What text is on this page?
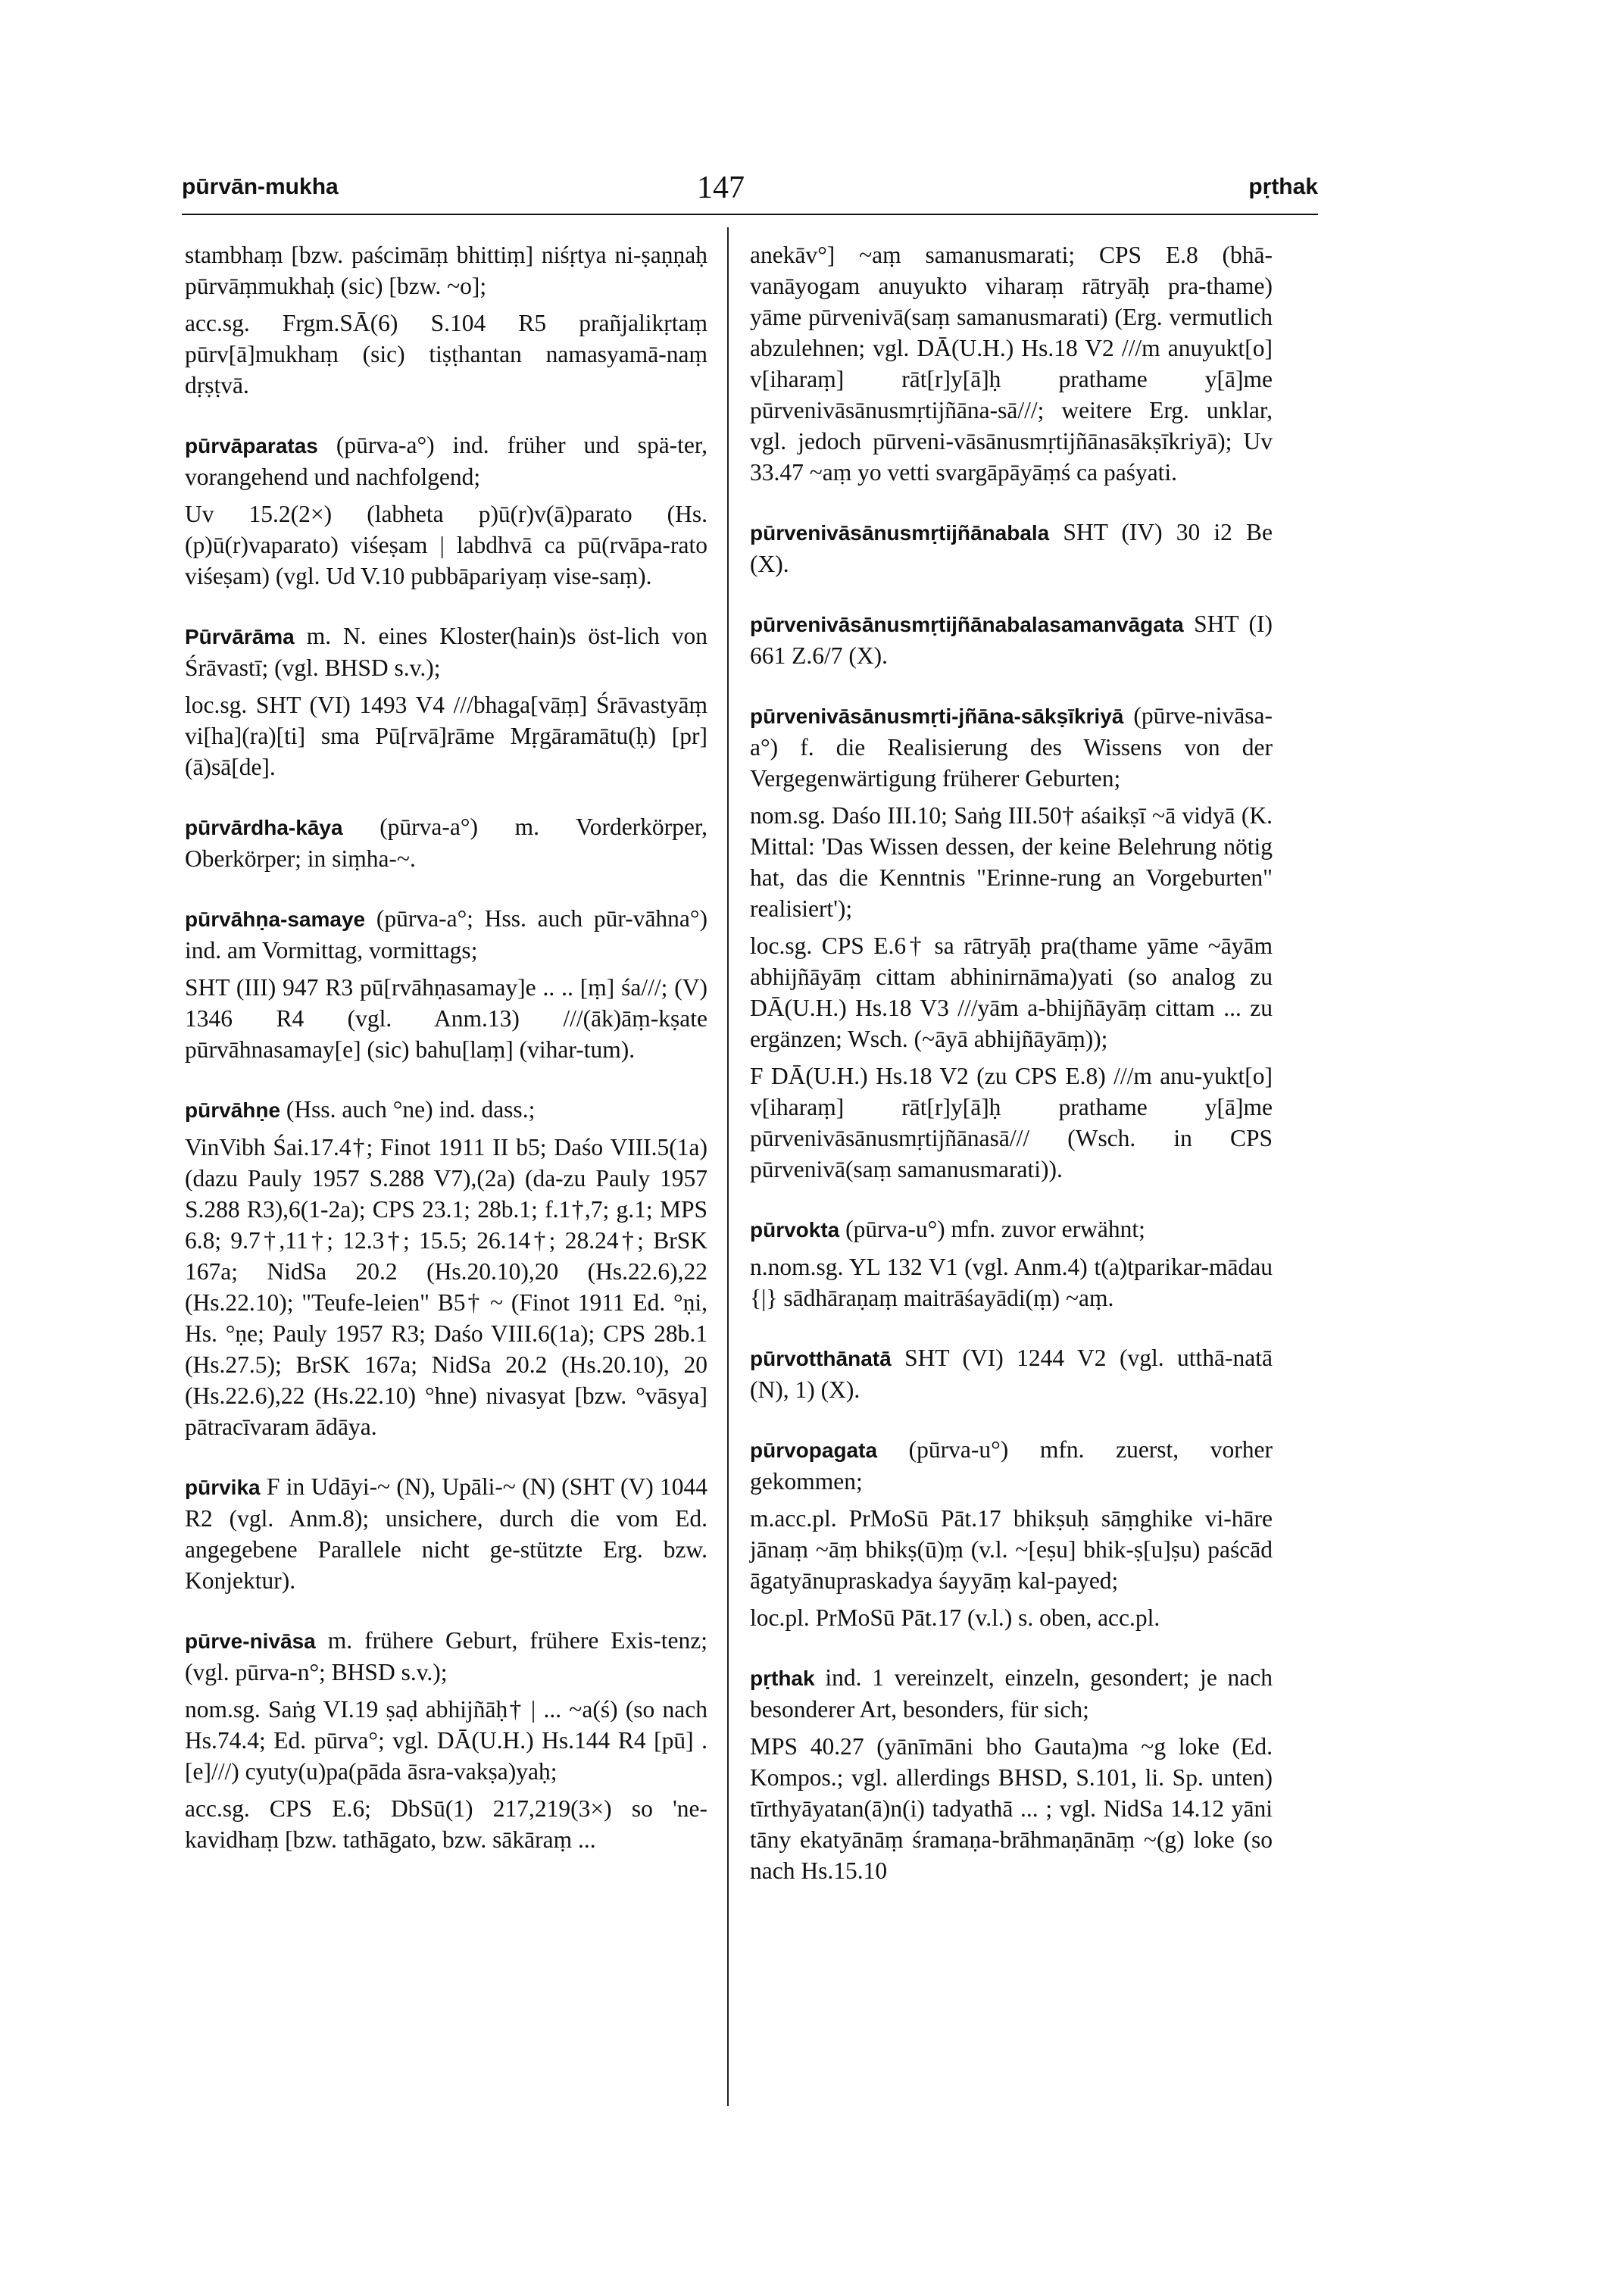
pūrvān-mukha	147	pṛthak

stambhaṃ [bzw. paścimāṃ bhittiṃ] niśṛtya ni-ṣaṇṇaḥ pūrvāṃmukhaḥ (sic) [bzw. ~o];

acc.sg. Frgm.SĀ(6) S.104 R5 prañjalikṛtaṃ pūrv[ā]mukhaṃ (sic) tiṣṭhantan namasyamā-naṃ dṛṣṭvā.

pūrvāparatas (pūrva-a°) ind. früher und spä-ter, vorangehend und nachfolgend;

Uv 15.2(2×) (labheta p)ū(r)v(ā)parato (Hs. (p)ū(r)vaparato) viśeṣam | labdhvā ca pū(rvāpa-rato viśeṣam) (vgl. Ud V.10 pubbāpariyaṃ vise-saṃ).

Pūrvārāma m. N. eines Kloster(hain)s öst-lich von Śrāvastī; (vgl. BHSD s.v.);

loc.sg. SHT (VI) 1493 V4 ///bhaga[vāṃ] Śrāvastyāṃ vi[ha](ra)[ti] sma Pū[rvā]rāme Mṛgāramātu(ḥ) [pr](ā)sā[de].

pūrvārdha-kāya (pūrva-a°) m. Vorderkörper, Oberkörper; in siṃha-~.

pūrvāhṇa-samaye (pūrva-a°; Hss. auch pūr-vāhna°) ind. am Vormittag, vormittags;

SHT (III) 947 R3 pū[rvāhṇasamay]e .. .. [ṃ] śa///; (V) 1346 R4 (vgl. Anm.13) ///(āk)āṃ-kṣate pūrvāhnasamay[e] (sic) bahu[laṃ] (vihar-tum).

pūrvāhṇe (Hss. auch °ne) ind. dass.;

VinVibh Śai.17.4†; Finot 1911 II b5; Daśo VIII.5(1a) (dazu Pauly 1957 S.288 V7),(2a) (da-zu Pauly 1957 S.288 R3),6(1-2a); CPS 23.1; 28b.1; f.1†,7; g.1; MPS 6.8; 9.7†,11†; 12.3†; 15.5; 26.14†; 28.24†; BrSK 167a; NidSa 20.2 (Hs.20.10),20 (Hs.22.6),22 (Hs.22.10); "Teufe-leien" B5† ~ (Finot 1911 Ed. °ṇi, Hs. °ṇe; Pauly 1957 R3; Daśo VIII.6(1a); CPS 28b.1 (Hs.27.5); BrSK 167a; NidSa 20.2 (Hs.20.10), 20 (Hs.22.6),22 (Hs.22.10) °hne) nivasyat [bzw. °vāsya] pātracīvaram ādāya.

pūrvika F in Udāyi-~ (N), Upāli-~ (N) (SHT (V) 1044 R2 (vgl. Anm.8); unsichere, durch die vom Ed. angegebene Parallele nicht ge-stützte Erg. bzw. Konjektur).

pūrve-nivāsa m. frühere Geburt, frühere Exis-tenz; (vgl. pūrva-n°; BHSD s.v.);

nom.sg. Saṅg VI.19 ṣaḍ abhijñāḥ† | ... ~a(ś) (so nach Hs.74.4; Ed. pūrva°; vgl. DĀ(U.H.) Hs.144 R4 [pū] .[e]///) cyuty(u)pa(pāda āsra-vakṣa)yaḥ;

acc.sg. CPS E.6; DbSū(1) 217,219(3×) so 'ne-kavidhaṃ [bzw. tathāgato, bzw. sākāraṃ ...

anekāv°] ~aṃ samanusmarati; CPS E.8 (bhā-vanāyogam anuyukto viharaṃ rātryāḥ pra-thame) yāme pūrvenivā(saṃ samanusmarati) (Erg. vermutlich abzulehnen; vgl. DĀ(U.H.) Hs.18 V2 ///m anuyukt[o] v[iharaṃ] rāt[r]y[ā]ḥ prathame y[ā]me pūrvenivāsānusmṛtijñāna-sā///; weitere Erg. unklar, vgl. jedoch pūrveni-vāsānusmṛtijñānasākṣīkriyā); Uv 33.47 ~aṃ yo vetti svargāpāyāṃś ca paśyati.

pūrvenivāsānusmṛtijñānabala SHT (IV) 30 i2 Be (X).

pūrvenivāsānusmṛtijñānabalasamanvāgata SHT (I) 661 Z.6/7 (X).

pūrvenivāsānusmṛti-jñāna-sākṣīkriyā (pūrve-nivāsa-a°) f. die Realisierung des Wissens von der Vergegenwärtigung früherer Geburten;

nom.sg. Daśo III.10; Saṅg III.50† aśaikṣī ~ā vidyā (K. Mittal: 'Das Wissen dessen, der keine Belehrung nötig hat, das die Kenntnis "Erinne-rung an Vorgeburten" realisiert');

loc.sg. CPS E.6† sa rātryāḥ pra(thame yāme ~āyām abhijñāyāṃ cittam abhinirnāma)yati (so analog zu DĀ(U.H.) Hs.18 V3 ///yām a-bhijñāyāṃ cittam ... zu ergänzen; Wsch. (~āyā abhijñāyāṃ));

F DĀ(U.H.) Hs.18 V2 (zu CPS E.8) ///m anu-yukt[o] v[iharaṃ] rāt[r]y[ā]ḥ prathame y[ā]me pūrvenivāsānusmṛtijñānasā/// (Wsch. in CPS pūrvenivā(saṃ samanusmarati)).

pūrvokta (pūrva-u°) mfn. zuvor erwähnt;

n.nom.sg. YL 132 V1 (vgl. Anm.4) t(a)tparikar-mādau {|} sādhāraṇaṃ maitrāśayādi(ṃ) ~aṃ.

pūrvotthānatā SHT (VI) 1244 V2 (vgl. utthā-natā (N), 1) (X).

pūrvopagata (pūrva-u°) mfn. zuerst, vorher gekommen;

m.acc.pl. PrMoSū Pāt.17 bhikṣuḥ sāṃghike vi-hāre jānaṃ ~āṃ bhikṣ(ū)ṃ (v.l. ~[eṣu] bhik-ṣ[u]ṣu) paścād āgatyānupraskadya śayyāṃ kal-payed;

loc.pl. PrMoSū Pāt.17 (v.l.) s. oben, acc.pl.

pṛthak ind. 1 vereinzelt, einzeln, gesondert; je nach besonderer Art, besonders, für sich;

MPS 40.27 (yānīmāni bho Gauta)ma ~g loke (Ed. Kompos.; vgl. allerdings BHSD, S.101, li. Sp. unten) tīrthyāyatan(ā)n(i) tadyathā ... ; vgl. NidSa 14.12 yāni tāny ekatyānāṃ śramaṇa-brāhmaṇānāṃ ~(g) loke (so nach Hs.15.10
